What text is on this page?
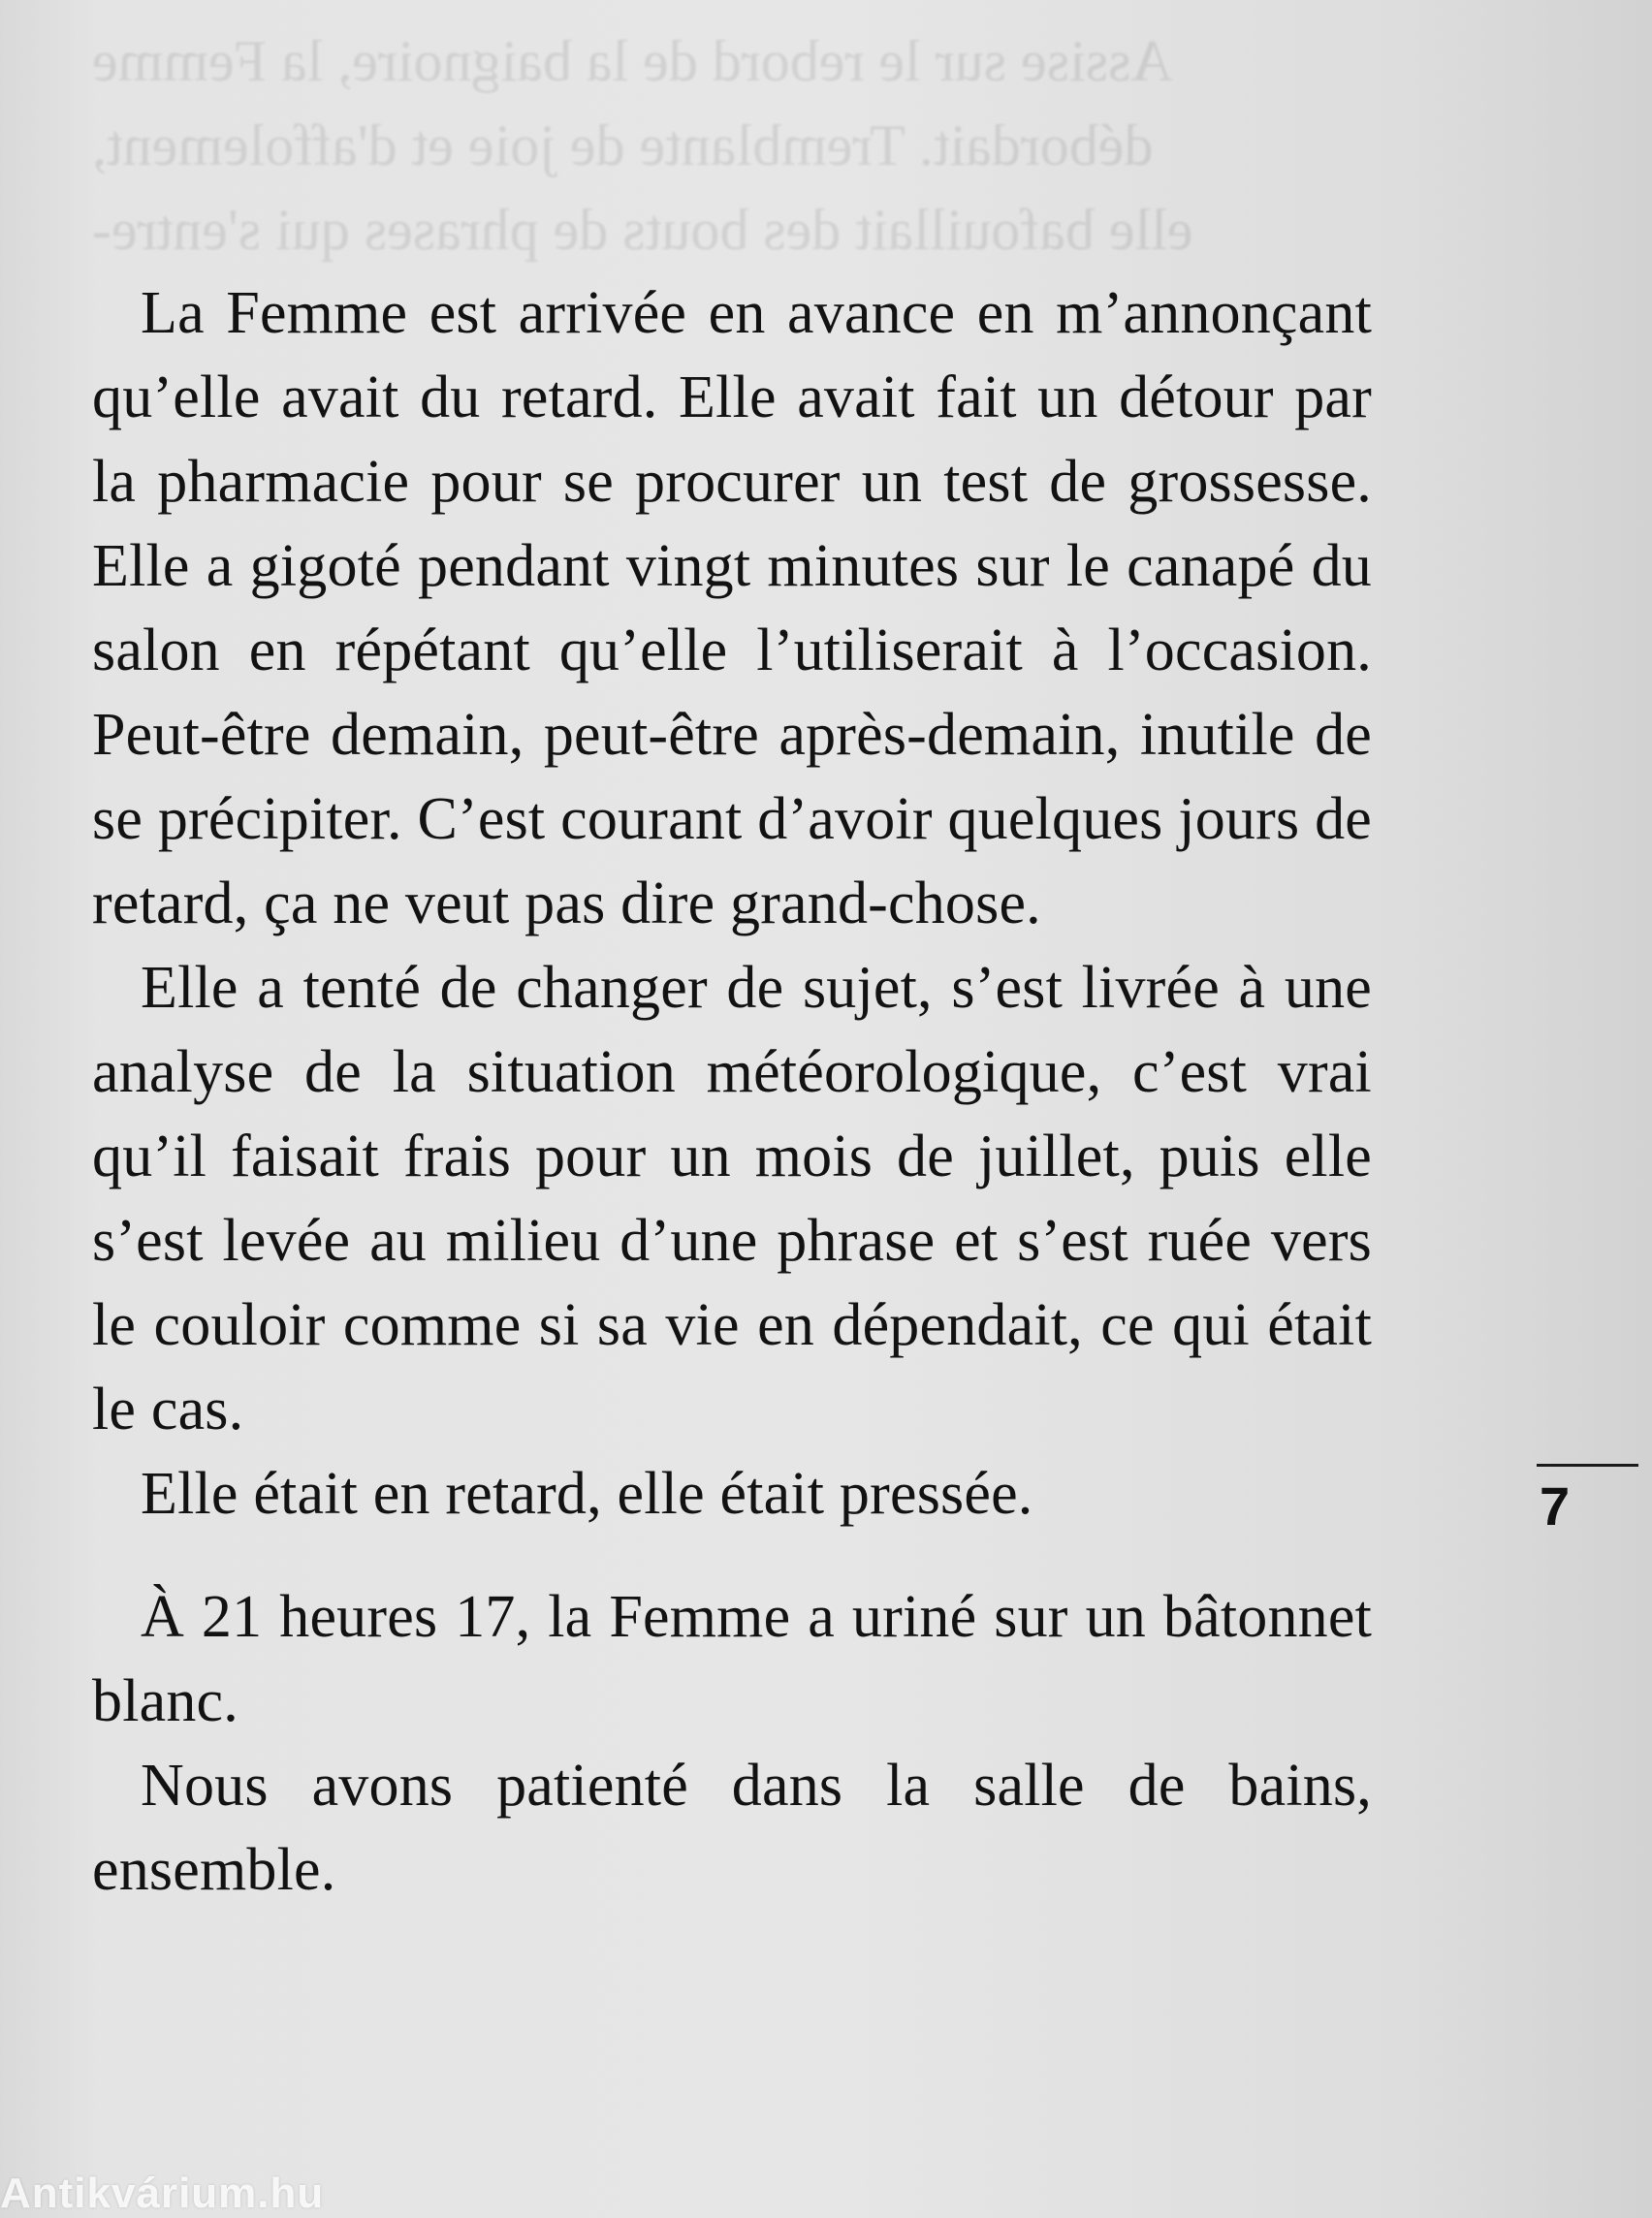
Assise sur le rebord de la baignoire, la Femme

débordait. Tremblante de joie et d'affolement,

elle bafouillait des bouts de phrases qui s'entre-

La Femme est arrivée en avance en m’annonçant qu’elle avait du retard. Elle avait fait un détour par la pharmacie pour se procurer un test de grossesse. Elle a gigoté pendant vingt minutes sur le canapé du salon en répétant qu’elle l’utiliserait à l’occasion. Peut-être demain, peut-être après-demain, inutile de se précipiter. C’est courant d’avoir quelques jours de retard, ça ne veut pas dire grand-chose.

Elle a tenté de changer de sujet, s’est livrée à une analyse de la situation météorologique, c’est vrai qu’il faisait frais pour un mois de juillet, puis elle s’est levée au milieu d’une phrase et s’est ruée vers le couloir comme si sa vie en dépendait, ce qui était le cas.

Elle était en retard, elle était pressée.

À 21 heures 17, la Femme a uriné sur un bâtonnet blanc.

Nous avons patienté dans la salle de bains, ensemble.

7
Antikvárium.hu
